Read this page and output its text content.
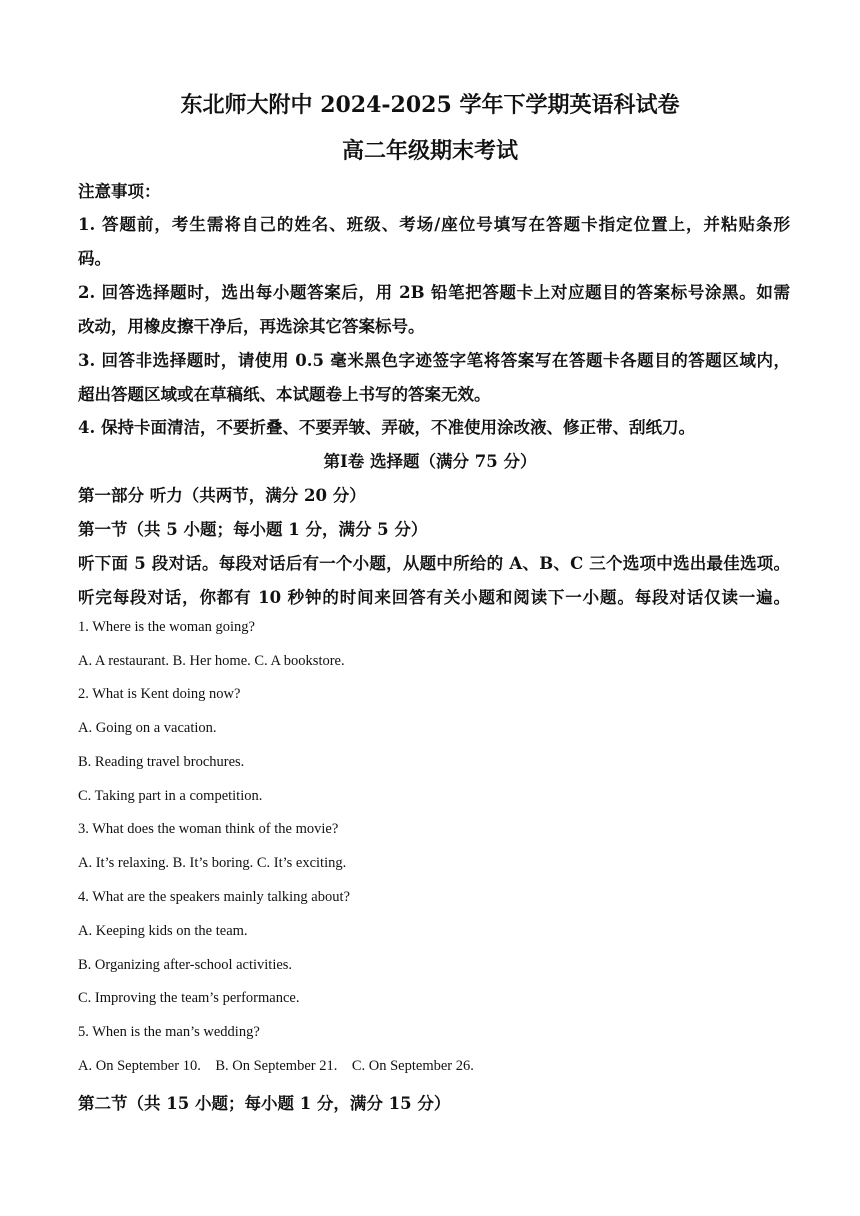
东北师大附中 2024-2025 学年下学期英语科试卷
高二年级期末考试
注意事项：
1. 答题前，考生需将自己的姓名、班级、考场/座位号填写在答题卡指定位置上，并粘贴条形
码。
2. 回答选择题时，选出每小题答案后，用 2B 铅笔把答题卡上对应题目的答案标号涂黑。如需
改动，用橡皮擦干净后，再选涂其它答案标号。
3. 回答非选择题时，请使用 0.5 毫米黑色字迹签字笔将答案写在答题卡各题目的答题区域内，
超出答题区域或在草稿纸、本试题卷上书写的答案无效。
4. 保持卡面清洁，不要折叠、不要弄皱、弄破，不准使用涂改液、修正带、刮纸刀。
第Ⅰ卷 选择题（满分 75 分）
第一部分 听力（共两节，满分 20 分）
第一节（共 5 小题；每小题 1 分，满分 5 分）
听下面 5 段对话。每段对话后有一个小题，从题中所给的 A、B、C 三个选项中选出最佳选项。
听完每段对话，你都有 10 秒钟的时间来回答有关小题和阅读下一小题。每段对话仅读一遍。
1. Where is the woman going?
A. A restaurant. B. Her home. C. A bookstore.
2. What is Kent doing now?
A. Going on a vacation.
B. Reading travel brochures.
C. Taking part in a competition.
3. What does the woman think of the movie?
A. It’s relaxing. B. It’s boring. C. It’s exciting.
4. What are the speakers mainly talking about?
A. Keeping kids on the team.
B. Organizing after-school activities.
C. Improving the team’s performance.
5. When is the man’s wedding?
A. On September 10.    B. On September 21.    C. On September 26.
第二节（共 15 小题；每小题 1 分，满分 15 分）
